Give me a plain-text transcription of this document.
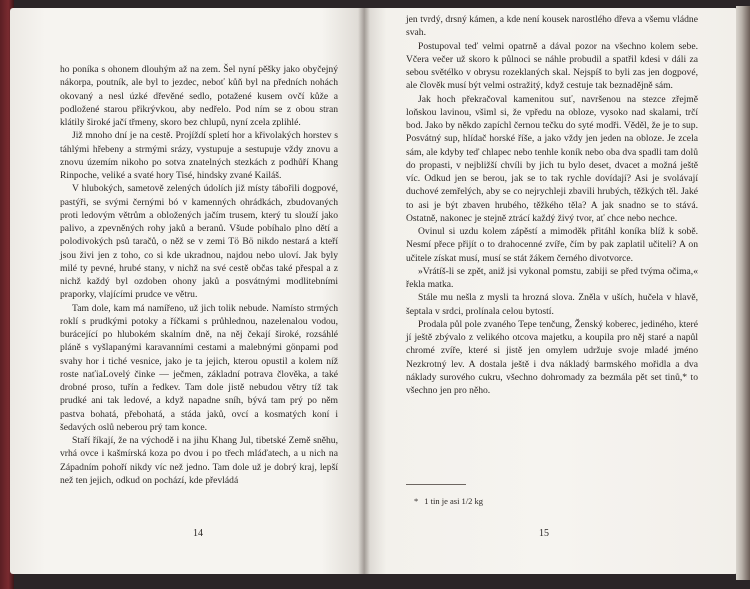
ho poníka s ohonem dlouhým až na zem. Šel nyní pěšky jako obyčejný nákorpa, poutník, ale byl to jezdec, neboť kůň byl na předních nohách okovaný a nesl úzké dřevěné sedlo, potažené kusem ovčí kůže a podložené starou přikrývkou, aby nedřelo. Pod ním se z obou stran klátily široké jačí třmeny, skoro bez chlupů, nyní zcela zplihlé.

Již mnoho dní je na cestě. Projíždí spletí hor a křivolakých horstev s táhlými hřebeny a strmými srázy, vystupuje a sestupuje vždy znovu a znovu územím nikoho po sotva znatelných stezkách z podhůří Khang Rinpoche, veliké a svaté hory Tisé, hindsky zvané Kailáš.

V hlubokých, sametově zelených údolích již místy tábořili dogpové, pastýři, se svými černými bó v kamenných ohrádkách, zbudovaných proti ledovým větrům a obložených jačím trusem, který tu slouží jako palivo, a zpevněných rohy jaků a beranů. Všude pobíhalo plno dětí a polodivokých psů taračů, o něž se v zemi Tö Bö nikdo nestará a kteří jsou živi jen z toho, co si kde ukradnou, najdou nebo uloví. Jak byly milé ty pevné, hrubé stany, v nichž na své cestě občas také přespal a z nichž každý byl ozdoben ohony jaků a posvátnými modlitebními praporky, vlajícími prudce ve větru.

Tam dole, kam má namířeno, už jich tolik nebude. Namísto strmých roklí s prudkými potoky a říčkami s průhlednou, nazelenalou vodou, burácející po hlubokém skalním dně, na něj čekají široké, rozsáhlé pláně s vyšlapanými karavanními cestami a malebnými gönpami pod svahy hor i tiché vesnice, jako je ta jejich, kterou opustil a kolem níž roste naťiaLovelý činke — ječmen, základní potrava člověka, a také drobné proso, tuřín a ředkev. Tam dole jistě nebudou větry tíž tak prudké ani tak ledové, a když napadne sníh, bývá tam prý po něm pastva bohatá, přebohatá, a stáda jaků, ovcí a kosmatých koní i šedavých oslů neberou prý tam konce.

Staří říkají, že na východě i na jihu Khang Jul, tibetské Země sněhu, vrhá ovce i kašmírská koza po dvou i po třech mláďatech, a u nich na Západním pohoří nikdy víc než jedno. Tam dole už je dobrý kraj, lepší než ten jejich, odkud on pochází, kde převládá

14

jen tvrdý, drsný kámen, a kde není kousek narostlého dřeva a všemu vládne svah.

Postupoval teď velmi opatrně a dával pozor na všechno kolem sebe. Včera večer už skoro k půlnoci se náhle probudil a spatřil kdesi v dáli za sebou světélko v obrysu rozeklaných skal. Nejspíš to byli zas jen dogpové, ale člověk musí být velmi ostražitý, když cestuje tak beznadějně sám.

Jak hoch překračoval kamenitou suť, navršenou na stezce zřejmě loňskou lavinou, všiml si, že vpředu na obloze, vysoko nad skalami, trčí bod. Jako by někdo zapíchl černou tečku do syté modři. Věděl, že je to sup. Posvátný sup, hlídač horské říše, a jako vždy jen jeden na obloze. Je zcela sám, ale kdyby teď chlapec nebo tenhle koník nebo oba dva spadli tam dolů do propasti, v nejbližší chvíli by jich tu bylo deset, dvacet a možná ještě víc. Odkud jen se berou, jak se to tak rychle dovídají? Asi je svolávají duchové zemřelých, aby se co nejrychleji zbavili hrubých, těžkých těl. Jaké to asi je být zbaven hrubého, těžkého těla? A jak snadno se to stává. Ostatně, nakonec je stejně ztrácí každý živý tvor, ať chce nebo nechce.

Ovinul si uzdu kolem zápěstí a mimoděk přitáhl koníka blíž k sobě. Nesmí přece přijít o to drahocenné zvíře, čím by pak zaplatil učiteli? A on učitele získat musí, musí se stát žákem černého divotvorce.

»Vrátíš-li se zpět, aniž jsi vykonal pomstu, zabiji se před tvýma očima,« řekla matka.

Stále mu nešla z mysli ta hrozná slova. Zněla v uších, hučela v hlavě, šeptala v srdci, prolínala celou bytostí.

Prodala půl pole zvaného Tepe tenčung, Ženský koberec, jediného, které jí ještě zbývalo z velikého otcova majetku, a koupila pro něj staré a napůl chromé zvíře, které si jistě jen omylem udržuje svoje mladé jméno Nezkrotný lev. A dostala ještě i dva nákladý barmského mořidla a dva náklady surového cukru, všechno dohromady za bezmála pět set tinů,* to všechno jen pro něho.

* 1 tin je asi 1/2 kg
15
